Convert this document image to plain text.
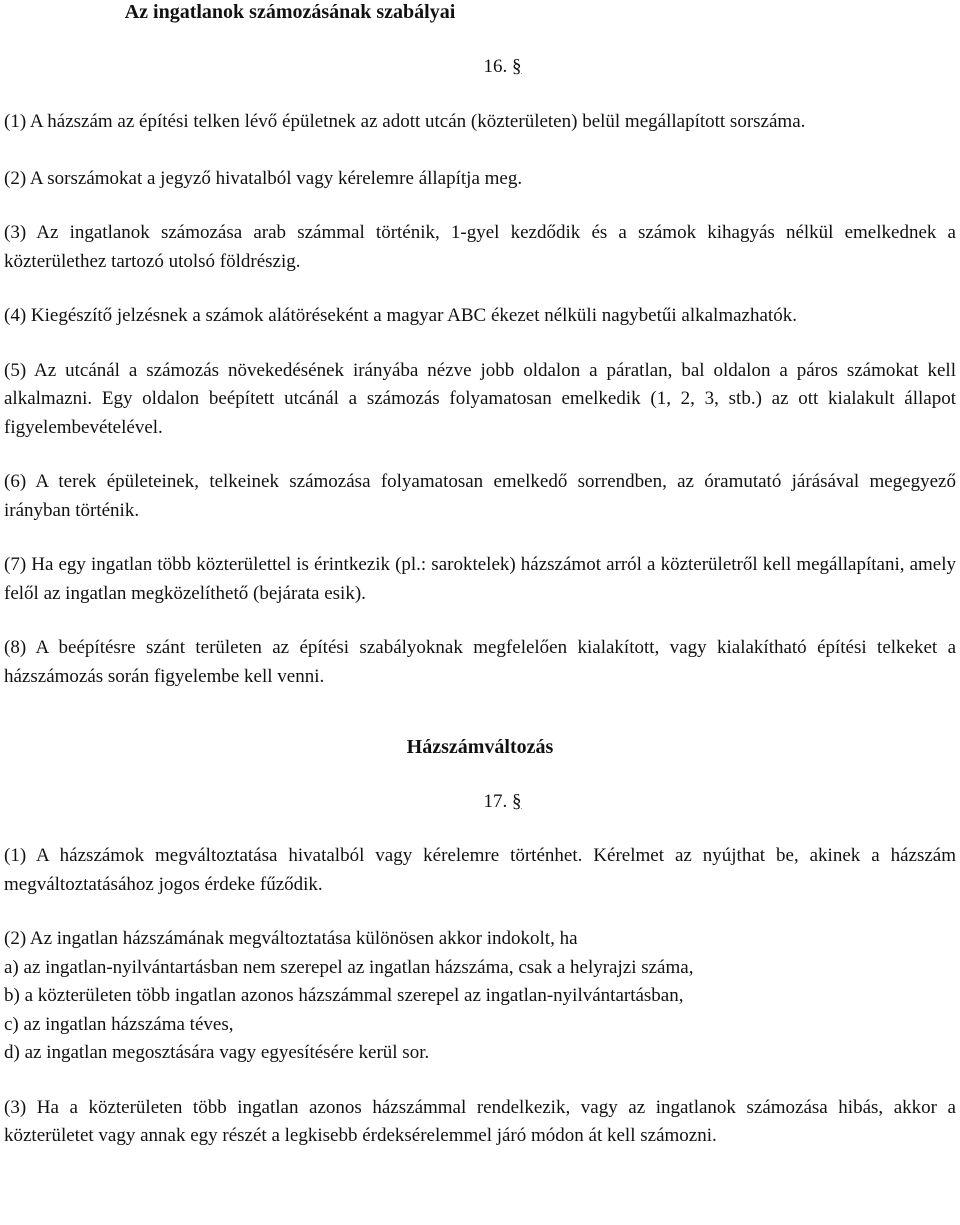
Az ingatlanok számozásának szabályai
16. §

(1) A házszám az építési telken lévő épületnek az adott utcán (közterületen) belül megállapított sorszáma.

(2) A sorszámokat a jegyző hivatalból vagy kérelemre állapítja meg.

(3) Az ingatlanok számozása arab számmal történik, 1-gyel kezdődik és a számok kihagyás nélkül emelkednek a közterülethez tartozó utolsó földrészig.

(4) Kiegészítő jelzésnek a számok alátöréseként a magyar ABC ékezet nélküli nagybetűi alkalmazhatók.

(5) Az utcánál a számozás növekedésének irányába nézve jobb oldalon a páratlan, bal oldalon a páros számokat kell alkalmazni. Egy oldalon beépített utcánál a számozás folyamatosan emelkedik (1, 2, 3, stb.) az ott kialakult állapot figyelembevételével.

(6) A terek épületeinek, telkeinek számozása folyamatosan emelkedő sorrendben, az óramutató járásával megegyező irányban történik.

(7) Ha egy ingatlan több közterülettel is érintkezik (pl.: saroktelek) házszámot arról a közterületről kell megállapítani, amely felől az ingatlan megközelíthető (bejárata esik).

(8) A beépítésre szánt területen az építési szabályoknak megfelelően kialakított, vagy kialakítható építési telkeket a házszámozás során figyelembe kell venni.

Házszámváltozás
17. §

(1) A házszámok megváltoztatása hivatalból vagy kérelemre történhet. Kérelmet az nyújthat be, akinek a házszám megváltoztatásához jogos érdeke fűződik.

(2) Az ingatlan házszámának megváltoztatása különösen akkor indokolt, ha

a) az ingatlan-nyilvántartásban nem szerepel az ingatlan házszáma, csak a helyrajzi száma,

b) a közterületen több ingatlan azonos házszámmal szerepel az ingatlan-nyilvántartásban,

c) az ingatlan házszáma téves,

d) az ingatlan megosztására vagy egyesítésére kerül sor.

(3) Ha a közterületen több ingatlan azonos házszámmal rendelkezik, vagy az ingatlanok számozása hibás, akkor a közterületet vagy annak egy részét a legkisebb érdeksérelemmel járó módon át kell számozni.
